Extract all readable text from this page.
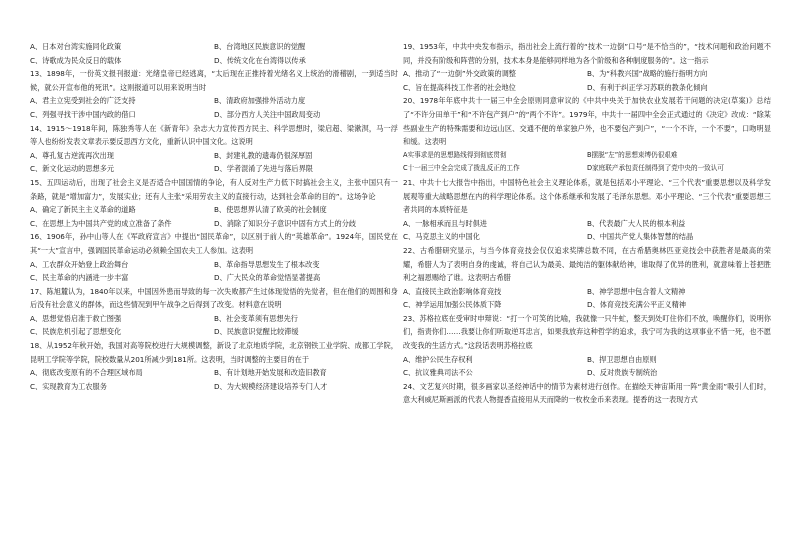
A、日本对台湾实施同化政策	B、台湾地区民族意识的觉醒
C、诗歌成为民众反日的载体	D、传统文化在台湾得以传承

13、1898年，一份英文报刊报道：光绪皇帝已经逃离，“太后现在正推持着光绪名义上统治的滑稽剧，一到适当时候，就公开宣布他的死讯”。这则报道可以用来说明当时

A、君主立宪受到社会的广泛支持	B、清政府加强排外活动力度
C、列强寻找干涉中国内政的借口	D、部分西方人关注中国政局变动

14、1915～1918年间，陈独秀等人在《新青年》杂志大力宣传西方民主、科学思想时，梁启超、梁漱溟，马一浮等人也纷纷发表文章表示要反思西方文化，重新认识中国文化。这说明

A、尊孔复古逆流再次出现	B、封建礼教的遗毒仍很深厚固
C、新文化运动的思想多元	D、学者混淆了先进与落后界限

15、五四运动后，出现了社会主义是否适合中国国情的争论，有人反对生产力低下时搞社会主义，主张中国只有一条路，就是“增加富力”，发展实业；还有人主张“采用劳农主义的直接行动，达到社会革命的目的”。这场争论

A、确定了新民主主义革命的道路	B、使思想界认清了欧美的社会制度
C、在思想上为中国共产党的成立准备了条件	D、消除了知识分子意识中固有方式上的分歧

16、1906年，孙中山等人在《军政府宣言》中提出“国民革命”，以区别于前人的“英雄革命”。1924年，国民党在其“一大”宣言中，强调国民革命运动必须赖全国农夫工人参加。这表明

A、工农群众开始登上政治舞台	B、革命指导思想发生了根本改变
C、民主革命的内涵进一步丰富	D、广大民众的革命觉悟显著提高

17、陈旭麓认为，1840年以来，中国因外患而导致的每一次失败都产生过体现觉悟的先觉者，但在他们的周围和身后没有社会意义的群体，而这些情况到甲午战争之后得到了改变。材料意在说明

A、思想觉悟启准于救亡图强	B、社会变革须有思想先行
C、民族危机引起了思想变化	D、民族意识觉醒比较滞缓

18、从1952年秋开始，我国对高等院校进行大规模调整，新设了北京地质学院，北京钢铁工业学院、成都工学院，昆明工学院等学院，院校数量从201所减少到181所。这表明，当时调整的主要目的在于

A、彻底改变原有的不合理区域布局	B、有计划地开始发展和改造旧教育
C、实现教育为工农服务	D、为大规模经济建设培养专门人才

19、1953年，中共中央发布指示，指出社会上流行着的“技术一边倒”口号“是不恰当的”，“技术问题和政治问题不同，并没有阶级和阵营的分别，技术本身是能够同样地为各个阶级和各种制度服务的”。这一指示

A、推动了“一边倒”外交政策的调整	B、为“科教兴国”战略的施行指明方向
C、旨在提高科技工作者的社会地位	D、有利于纠正学习苏联的教条化倾向

20、1978年年底中共十一届三中全会原则同意审议的《中共中央关于加快农业发展若干问题的决定(草案)》总结了“不许分田单干”和“不许包产到户”的“两个不许”。1979年，中共十一届四中全会正式通过的《决定》改成：“除某些副业生产的特殊需要和边远山区、交通不便的单家独户外，也不要包产到户”，“一个不许，一个不要”，口吻明显和缓。这表明

A实事求是的思想路线得到彻底贯彻	B摆脱“左”的思想束缚仍很艰难
C十一届三中全会完成了拨乱反正的工作	D家庭联产承包责任制得到了党中央的一致认可

21、中共十七大报告中指出，中国特色社会主义理论体系，就是包括邓小平理论、“三个代表”重要思想以及科学发展观等重大战略思想在内的科学理论体系。这个体系继承和发展了毛泽东思想。邓小平理论、“三个代表”重要思想三者共同的本质特征是

A、一脉相承而且与时俱进	B、代表最广大人民的根本利益
C、马克思主义的中国化	D、中国共产党人集体智慧的结晶

22、古希腊研究显示，与当今体育竞技会仅仅追求奖牌总数不同，在古希腊奥林匹亚竞技会中获胜者是最高的荣耀，希腊人为了表明自身的虔诚，将自己认为最美、最纯洁的躯体献给神，谁取得了优异的胜利，就意味着上苍把胜利之福恩赐给了谁。这表明古希腊

A、直接民主政治影响体育竞技	B、神学思想中包含着人文精神
C、神学运用加强公民体质下降	D、体育竞技充满公平正义精神

23、苏格拉底在受审时申辩说：“打一个可笑的比喻，我就像一只牛虻，整天到处叮住你们不放，唤醒你们，说明你们，指责你们……我要让你们听取逆耳忠言，如果我放弃这种哲学的追求，我宁可为我的这项事业不惜一死，也不愿改变我的生活方式。”这段话表明苏格拉底

A、维护公民生存权利	B、捍卫思想自由原则
C、抗议雅典司法不公	D、反对贵族专制统治

24、文艺复兴时期，很多画家以圣经神话中的情节为素材进行创作。在描绘天神宙斯用一阵“黄金雨”吸引人们时，意大利威尼斯画派的代表人物提香直接用从天而降的一枚枚金币来表现。提香的这一表现方式
